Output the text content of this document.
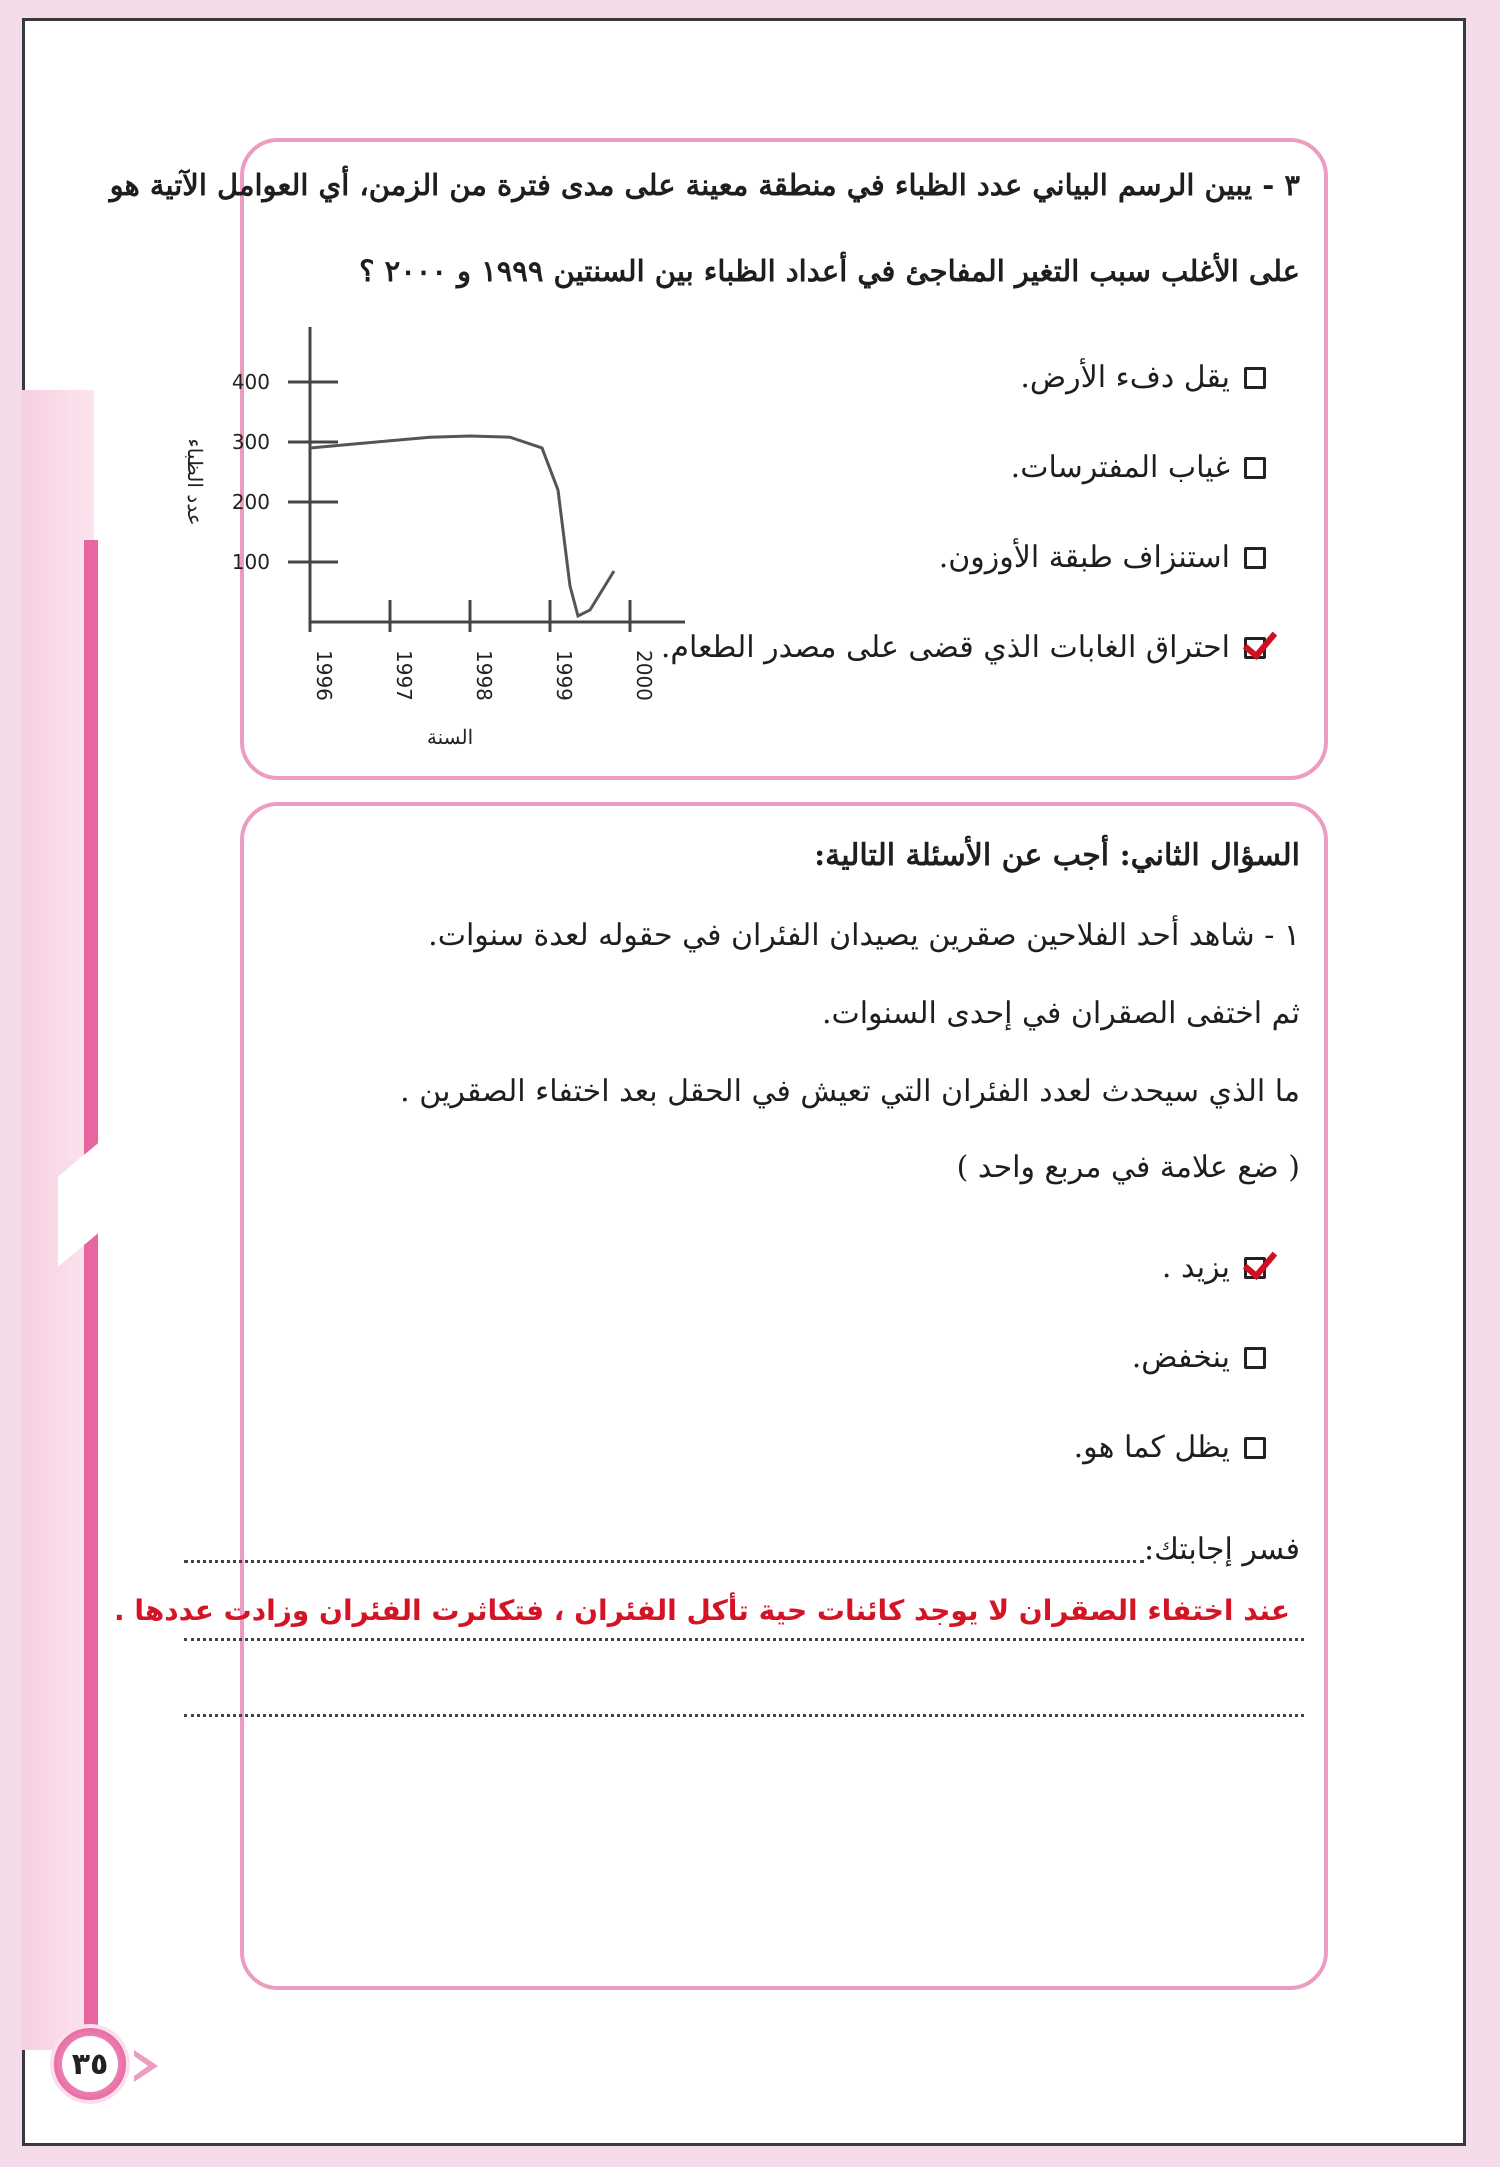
٣ - يبين الرسم البياني عدد الظباء في منطقة معينة على مدى فترة من الزمن، أي العوامل الآتية هو
على الأغلب سبب التغير المفاجئ في أعداد الظباء بين السنتين ١٩٩٩ و ٢٠٠٠ ؟
يقل دفء الأرض.
غياب المفترسات.
استنزاف طبقة الأوزون.
احتراق الغابات الذي قضى على مصدر الطعام.
100
200
300
400
1996	1997	1998	1999	2000
عدد الظباء
السنة
السؤال الثاني: أجب عن الأسئلة التالية:
١ - شاهد أحد الفلاحين صقرين يصيدان الفئران في حقوله لعدة سنوات.
ثم اختفى الصقران في إحدى السنوات.
ما الذي سيحدث لعدد الفئران التي تعيش في الحقل بعد اختفاء الصقرين .
( ضع علامة في مربع واحد )
يزيد .
ينخفض.
يظل كما هو.
فسر إجابتك:
عند اختفاء الصقران لا يوجد كائنات حية تأكل الفئران ، فتكاثرت الفئران وزادت عددها .
٣٥
